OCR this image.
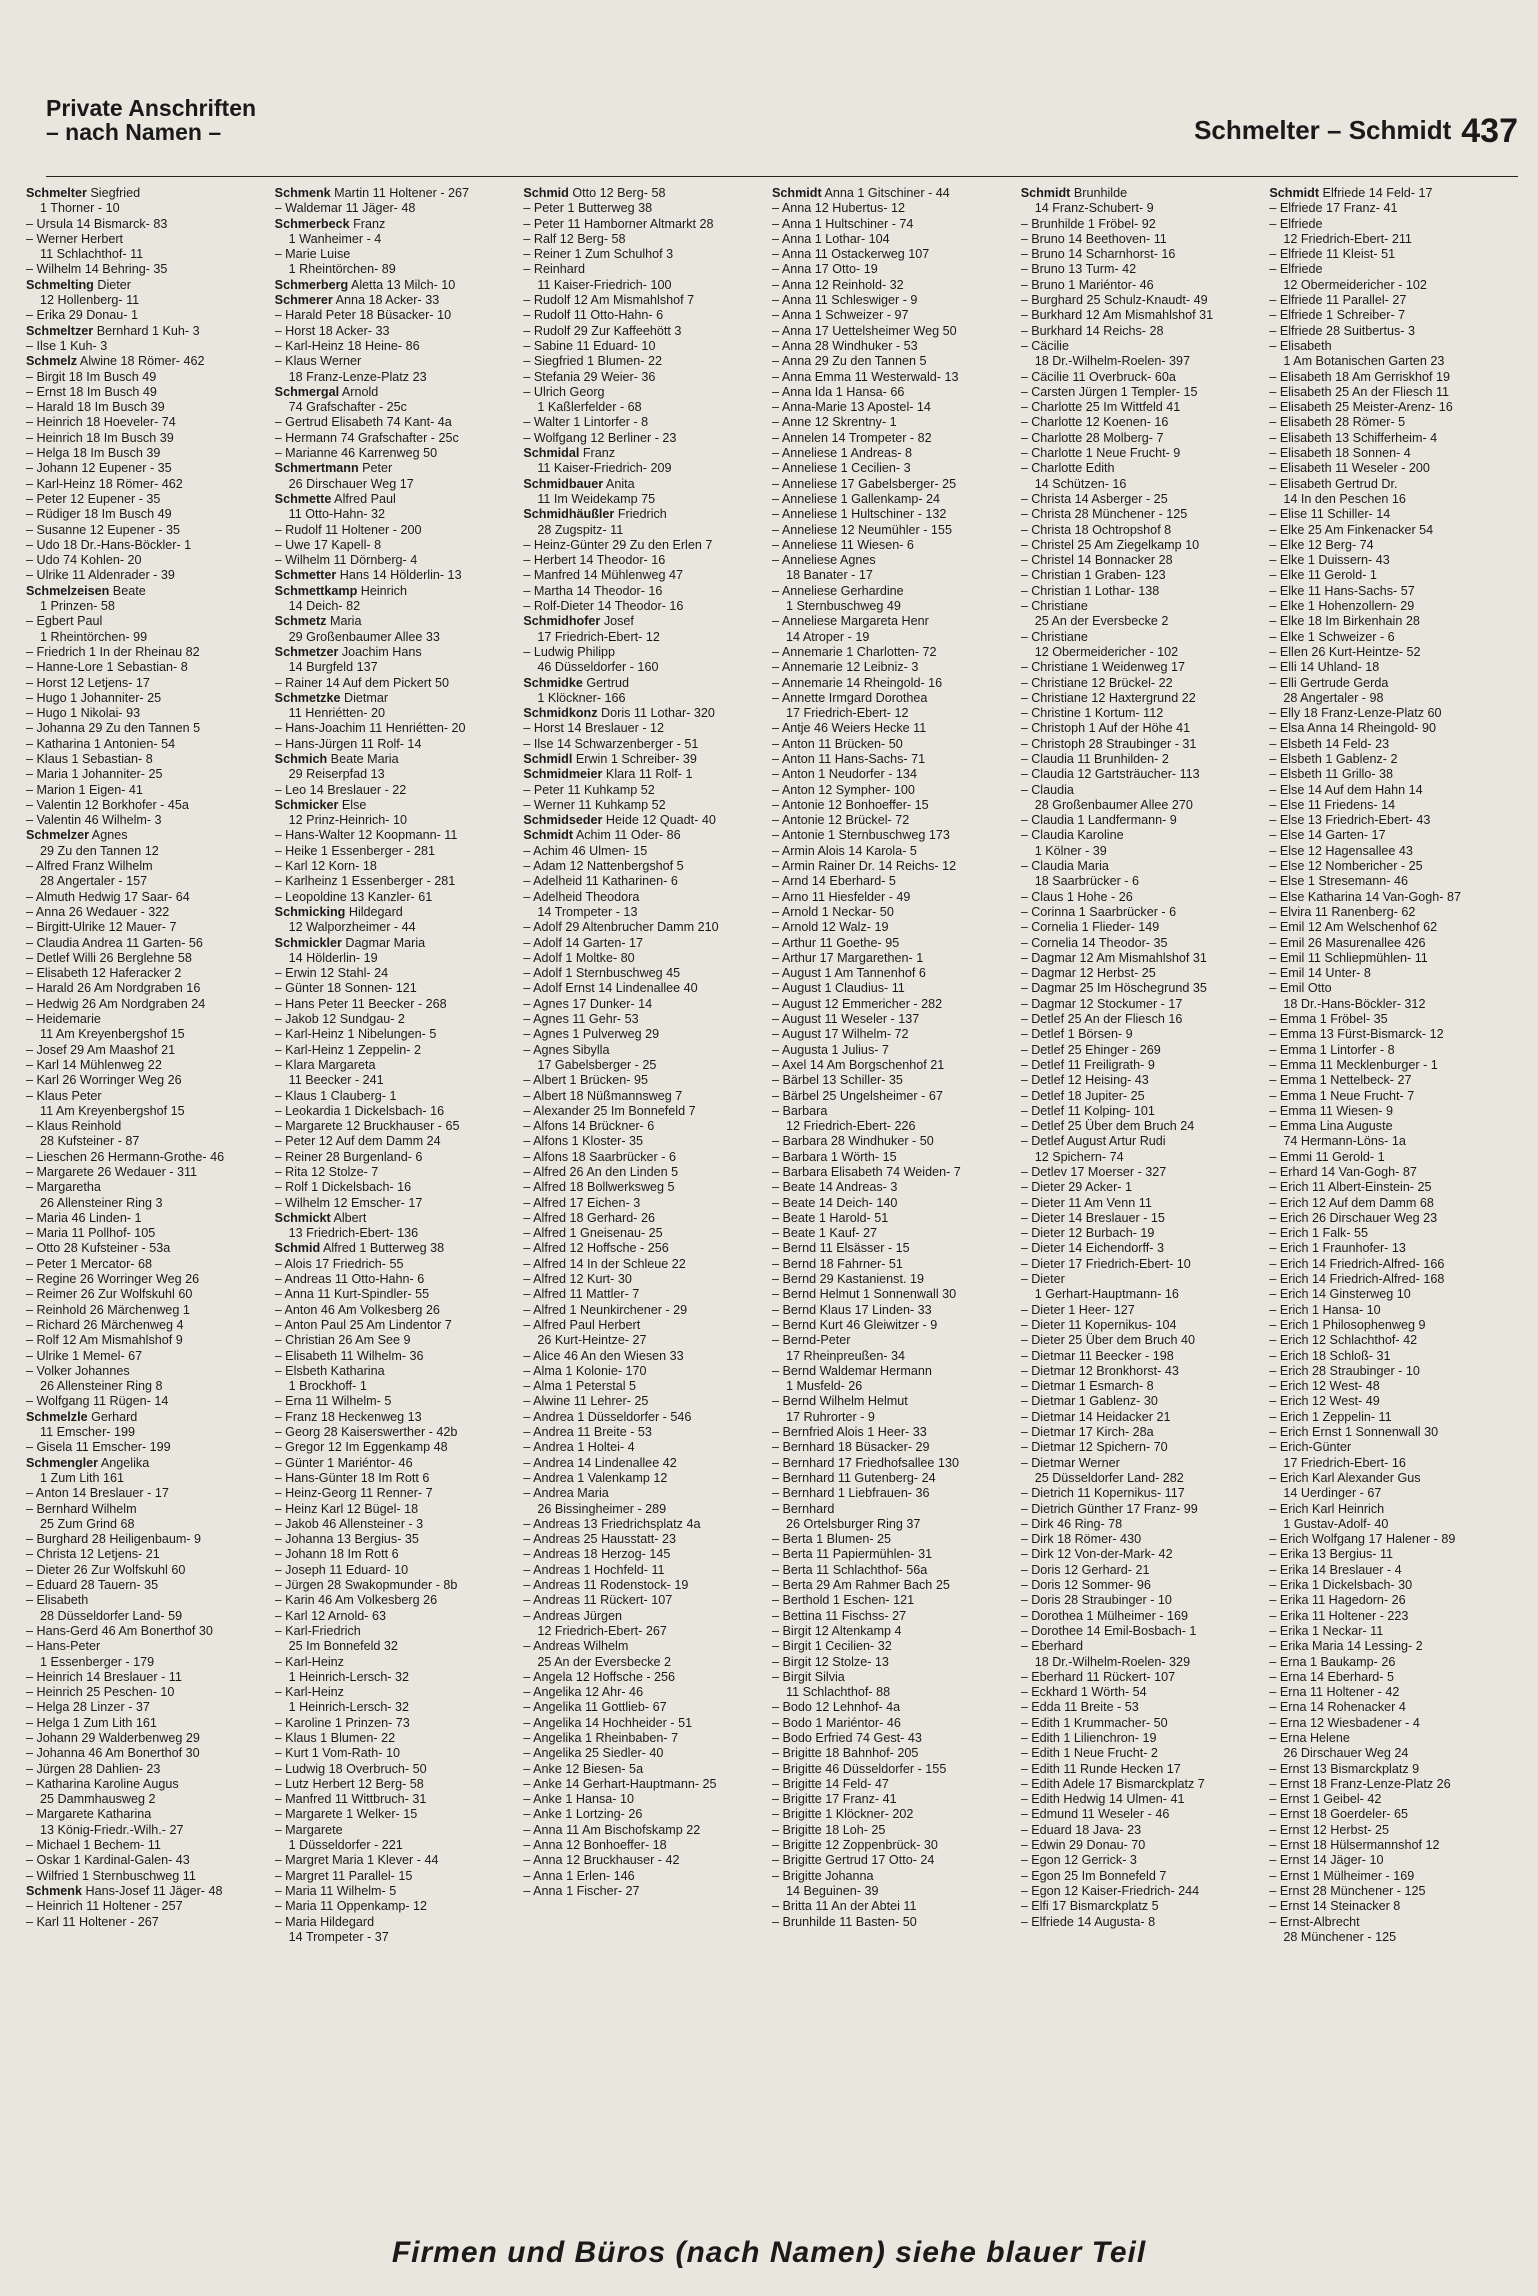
Private Anschriften
– nach Namen –	Schmelter – Schmidt 437
Schmelter Siegfried
1 Thorner - 10
– Ursula 14 Bismarck- 83
– Werner Herbert
11 Schlachthof- 11
– Wilhelm 14 Behring- 35
Schmelting Dieter
12 Hollenberg- 11
– Erika 29 Donau- 1
Schmeltzer Bernhard 1 Kuh- 3
– Ilse 1 Kuh- 3
Schmelz Alwine 18 Römer- 462
– Birgit 18 Im Busch 49
– Ernst 18 Im Busch 49
– Harald 18 Im Busch 39
– Heinrich 18 Hoeveler- 74
– Heinrich 18 Im Busch 39
– Helga 18 Im Busch 39
– Johann 12 Eupener - 35
– Karl-Heinz 18 Römer- 462
– Peter 12 Eupener - 35
– Rüdiger 18 Im Busch 49
– Susanne 12 Eupener - 35
– Udo 18 Dr.-Hans-Böckler- 1
– Udo 74 Kohlen- 20
– Ulrike 11 Aldenrader - 39
Schmelzeisen Beate
1 Prinzen- 58
– Egbert Paul
1 Rheintörchen- 99
– Friedrich 1 In der Rheinau 82
– Hanne-Lore 1 Sebastian- 8
– Horst 12 Letjens- 17
– Hugo 1 Johanniter- 25
– Hugo 1 Nikolai- 93
– Johanna 29 Zu den Tannen 5
– Katharina 1 Antonien- 54
– Klaus 1 Sebastian- 8
– Maria 1 Johanniter- 25
– Marion 1 Eigen- 41
– Valentin 12 Borkhofer - 45a
– Valentin 46 Wilhelm- 3
Schmelzer Agnes
29 Zu den Tannen 12
– Alfred Franz Wilhelm
28 Angertaler - 157
– Almuth Hedwig 17 Saar- 64
– Anna 26 Wedauer - 322
– Birgitt-Ulrike 12 Mauer- 7
– Claudia Andrea 11 Garten- 56
– Detlef Willi 26 Berglehne 58
– Elisabeth 12 Haferacker 2
– Harald 26 Am Nordgraben 16
– Hedwig 26 Am Nordgraben 24
– Heidemarie
11 Am Kreyenbergshof 15
– Josef 29 Am Maashof 21
– Karl 14 Mühlenweg 22
– Karl 26 Worringer Weg 26
– Klaus Peter
11 Am Kreyenbergshof 15
– Klaus Reinhold
28 Kufsteiner - 87
– Lieschen 26 Hermann-Grothe- 46
– Margarete 26 Wedauer - 311
– Margaretha
26 Allensteiner Ring 3
– Maria 46 Linden- 1
– Maria 11 Pollhof- 105
– Otto 28 Kufsteiner - 53a
– Peter 1 Mercator- 68
– Regine 26 Worringer Weg 26
– Reimer 26 Zur Wolfskuhl 60
– Reinhold 26 Märchenweg 1
– Richard 26 Märchenweg 4
– Rolf 12 Am Mismahlshof 9
– Ulrike 1 Memel- 67
– Volker Johannes
26 Allensteiner Ring 8
– Wolfgang 11 Rügen- 14
Schmelzle Gerhard
11 Emscher- 199
– Gisela 11 Emscher- 199
Schmengler Angelika
1 Zum Lith 161
– Anton 14 Breslauer - 17
– Bernhard Wilhelm
25 Zum Grind 68
– Burghard 28 Heiligenbaum- 9
– Christa 12 Letjens- 21
– Dieter 26 Zur Wolfskuhl 60
– Eduard 28 Tauern- 35
– Elisabeth
28 Düsseldorfer Land- 59
– Hans-Gerd 46 Am Bonerthof 30
– Hans-Peter
1 Essenberger - 179
– Heinrich 14 Breslauer - 11
– Heinrich 25 Peschen- 10
– Helga 28 Linzer - 37
– Helga 1 Zum Lith 161
– Johann 29 Walderbenweg 29
– Johanna 46 Am Bonerthof 30
– Jürgen 28 Dahlien- 23
– Katharina Karoline Augus
25 Dammhausweg 2
– Margarete Katharina
13 König-Friedr.-Wilh.- 27
– Michael 1 Bechem- 11
– Oskar 1 Kardinal-Galen- 43
– Wilfried 1 Sternbuschweg 11
Schmenk Hans-Josef 11 Jäger- 48
– Heinrich 11 Holtener - 257
– Karl 11 Holtener - 267
Schmenk Martin 11 Holtener - 267
– Waldemar 11 Jäger- 48
Schmerbeck Franz
1 Wanheimer - 4
– Marie Luise
1 Rheintörchen- 89
Schmerberg Aletta 13 Milch- 10
Schmerer Anna 18 Acker- 33
– Harald Peter 18 Büsacker- 10
– Horst 18 Acker- 33
– Karl-Heinz 18 Heine- 86
– Klaus Werner
18 Franz-Lenze-Platz 23
Schmergal Arnold
74 Grafschafter - 25c
– Gertrud Elisabeth 74 Kant- 4a
– Hermann 74 Grafschafter - 25c
– Marianne 46 Karrenweg 50
Schmertmann Peter
26 Dirschauer Weg 17
Schmette Alfred Paul
11 Otto-Hahn- 32
– Rudolf 11 Holtener - 200
– Uwe 17 Kapell- 8
– Wilhelm 11 Dörnberg- 4
Schmetter Hans 14 Hölderlin- 13
Schmettkamp Heinrich
14 Deich- 82
Schmetz Maria
29 Großenbaumer Allee 33
Schmetzer Joachim Hans
14 Burgfeld 137
– Rainer 14 Auf dem Pickert 50
Schmetzke Dietmar
11 Henriétten- 20
– Hans-Joachim 11 Henriétten- 20
– Hans-Jürgen 11 Rolf- 14
Schmich Beate Maria
29 Reiserpfad 13
– Leo 14 Breslauer - 22
Schmicker Else
12 Prinz-Heinrich- 10
– Hans-Walter 12 Koopmann- 11
– Heike 1 Essenberger - 281
– Karl 12 Korn- 18
– Karlheinz 1 Essenberger - 281
– Leopoldine 13 Kanzler- 61
Schmicking Hildegard
12 Walporzheimer - 44
Schmickler Dagmar Maria
14 Hölderlin- 19
– Erwin 12 Stahl- 24
– Günter 18 Sonnen- 121
– Hans Peter 11 Beecker - 268
– Jakob 12 Sundgau- 2
– Karl-Heinz 1 Nibelungen- 5
– Karl-Heinz 1 Zeppelin- 2
– Klara Margareta
11 Beecker - 241
– Klaus 1 Clauberg- 1
– Leokardia 1 Dickelsbach- 16
– Margarete 12 Bruckhauser - 65
– Peter 12 Auf dem Damm 24
– Reiner 28 Burgenland- 6
– Rita 12 Stolze- 7
– Rolf 1 Dickelsbach- 16
– Wilhelm 12 Emscher- 17
Schmickt Albert
13 Friedrich-Ebert- 136
Schmid Alfred 1 Butterweg 38
– Alois 17 Friedrich- 55
– Andreas 11 Otto-Hahn- 6
– Anna 11 Kurt-Spindler- 55
– Anton 46 Am Volkesberg 26
– Anton Paul 25 Am Lindentor 7
– Christian 26 Am See 9
– Elisabeth 11 Wilhelm- 36
– Elsbeth Katharina
1 Brockhoff- 1
– Erna 11 Wilhelm- 5
– Franz 18 Heckenweg 13
– Georg 28 Kaiserswerther - 42b
– Gregor 12 Im Eggenkamp 48
– Günter 1 Mariéntor- 46
– Hans-Günter 18 Im Rott 6
– Heinz-Georg 11 Renner- 7
– Heinz Karl 12 Bügel- 18
– Jakob 46 Allensteiner - 3
– Johanna 13 Bergius- 35
– Johann 18 Im Rott 6
– Joseph 11 Eduard- 10
– Jürgen 28 Swakopmunder - 8b
– Karin 46 Am Volkesberg 26
– Karl 12 Arnold- 63
– Karl-Friedrich
25 Im Bonnefeld 32
– Karl-Heinz
1 Heinrich-Lersch- 32
– Karl-Heinz
1 Heinrich-Lersch- 32
– Karoline 1 Prinzen- 73
– Klaus 1 Blumen- 22
– Kurt 1 Vom-Rath- 10
– Ludwig 18 Overbruch- 50
– Lutz Herbert 12 Berg- 58
– Manfred 11 Wittbruch- 31
– Margarete 1 Welker- 15
– Margarete
1 Düsseldorfer - 221
– Margret Maria 1 Klever - 44
– Margret 11 Parallel- 15
– Maria 11 Wilhelm- 5
– Maria 11 Oppenkamp- 12
– Maria Hildegard
14 Trompeter - 37
Schmid Otto 12 Berg- 58
– Peter 1 Butterweg 38
– Peter 11 Hamborner Altmarkt 28
– Ralf 12 Berg- 58
– Reiner 1 Zum Schulhof 3
– Reinhard
11 Kaiser-Friedrich- 100
– Rudolf 12 Am Mismahlshof 7
– Rudolf 11 Otto-Hahn- 6
– Rudolf 29 Zur Kaffeehött 3
– Sabine 11 Eduard- 10
– Siegfried 1 Blumen- 22
– Stefania 29 Weier- 36
– Ulrich Georg
1 Kaßlerfelder - 68
– Walter 1 Lintorfer - 8
– Wolfgang 12 Berliner - 23
Schmidal Franz
11 Kaiser-Friedrich- 209
Schmidbauer Anita
11 Im Weidekamp 75
Schmidhäußler Friedrich
28 Zugspitz- 11
– Heinz-Günter 29 Zu den Erlen 7
– Herbert 14 Theodor- 16
– Manfred 14 Mühlenweg 47
– Martha 14 Theodor- 16
– Rolf-Dieter 14 Theodor- 16
Schmidhofer Josef
17 Friedrich-Ebert- 12
– Ludwig Philipp
46 Düsseldorfer - 160
Schmidke Gertrud
1 Klöckner- 166
Schmidkonz Doris 11 Lothar- 320
– Horst 14 Breslauer - 12
– Ilse 14 Schwarzenberger - 51
Schmidl Erwin 1 Schreiber- 39
Schmidmeier Klara 11 Rolf- 1
– Peter 11 Kuhkamp 52
– Werner 11 Kuhkamp 52
Schmidseder Heide 12 Quadt- 40
Schmidt Achim 11 Oder- 86
– Achim 46 Ulmen- 15
– Adam 12 Nattenbergshof 5
– Adelheid 11 Katharinen- 6
– Adelheid Theodora
14 Trompeter - 13
– Adolf 29 Altenbrucher Damm 210
– Adolf 14 Garten- 17
– Adolf 1 Moltke- 80
– Adolf 1 Sternbuschweg 45
– Adolf Ernst 14 Lindenallee 40
– Agnes 17 Dunker- 14
– Agnes 11 Gehr- 53
– Agnes 1 Pulverweg 29
– Agnes Sibylla
17 Gabelsberger - 25
– Albert 1 Brücken- 95
– Albert 18 Nüßmannsweg 7
– Alexander 25 Im Bonnefeld 7
– Alfons 14 Brückner- 6
– Alfons 1 Kloster- 35
– Alfons 18 Saarbrücker - 6
– Alfred 26 An den Linden 5
– Alfred 18 Bollwerksweg 5
– Alfred 17 Eichen- 3
– Alfred 18 Gerhard- 26
– Alfred 1 Gneisenau- 25
– Alfred 12 Hoffsche - 256
– Alfred 14 In der Schleue 22
– Alfred 12 Kurt- 30
– Alfred 11 Mattler- 7
– Alfred 1 Neunkirchener - 29
– Alfred Paul Herbert
26 Kurt-Heintze- 27
– Alice 46 An den Wiesen 33
– Alma 1 Kolonie- 170
– Alma 1 Peterstal 5
– Alwine 11 Lehrer- 25
– Andrea 1 Düsseldorfer - 546
– Andrea 11 Breite - 53
– Andrea 1 Holtei- 4
– Andrea 14 Lindenallee 42
– Andrea 1 Valenkamp 12
– Andrea Maria
26 Bissingheimer - 289
– Andreas 13 Friedrichsplatz 4a
– Andreas 25 Hausstatt- 23
– Andreas 18 Herzog- 145
– Andreas 1 Hochfeld- 11
– Andreas 11 Rodenstock- 19
– Andreas 11 Rückert- 107
– Andreas Jürgen
12 Friedrich-Ebert- 267
– Andreas Wilhelm
25 An der Eversbecke 2
– Angela 12 Hoffsche - 256
– Angelika 12 Ahr- 46
– Angelika 11 Gottlieb- 67
– Angelika 14 Hochheider - 51
– Angelika 1 Rheinbaben- 7
– Angelika 25 Siedler- 40
– Anke 12 Biesen- 5a
– Anke 14 Gerhart-Hauptmann- 25
– Anke 1 Hansa- 10
– Anke 1 Lortzing- 26
– Anna 11 Am Bischofskamp 22
– Anna 12 Bonhoeffer- 18
– Anna 12 Bruckhauser - 42
– Anna 1 Erlen- 146
– Anna 1 Fischer- 27
Schmidt Anna 1 Gitschiner - 44
– Anna 12 Hubertus- 12
– Anna 1 Hultschiner - 74
– Anna 1 Lothar- 104
– Anna 11 Ostackerweg 107
– Anna 17 Otto- 19
– Anna 12 Reinhold- 32
– Anna 11 Schleswiger - 9
– Anna 1 Schweizer - 97
– Anna 17 Uettelsheimer Weg 50
– Anna 28 Windhuker - 53
– Anna 29 Zu den Tannen 5
– Anna Emma 11 Westerwald- 13
– Anna Ida 1 Hansa- 66
– Anna-Marie 13 Apostel- 14
– Anne 12 Skrentny- 1
– Annelen 14 Trompeter - 82
– Anneliese 1 Andreas- 8
– Anneliese 1 Cecilien- 3
– Anneliese 17 Gabelsberger- 25
– Anneliese 1 Gallenkamp- 24
– Anneliese 1 Hultschiner - 132
– Anneliese 12 Neumühler - 155
– Anneliese 11 Wiesen- 6
– Anneliese Agnes
18 Banater - 17
– Anneliese Gerhardine
1 Sternbuschweg 49
– Anneliese Margareta Henr
14 Atroper - 19
– Annemarie 1 Charlotten- 72
– Annemarie 12 Leibniz- 3
– Annemarie 14 Rheingold- 16
– Annette Irmgard Dorothea
17 Friedrich-Ebert- 12
– Antje 46 Weiers Hecke 11
– Anton 11 Brücken- 50
– Anton 11 Hans-Sachs- 71
– Anton 1 Neudorfer - 134
– Anton 12 Sympher- 100
– Antonie 12 Bonhoeffer- 15
– Antonie 12 Brückel- 72
– Antonie 1 Sternbuschweg 173
– Armin Alois 14 Karola- 5
– Armin Rainer Dr. 14 Reichs- 12
– Arnd 14 Eberhard- 5
– Arno 11 Hiesfelder - 49
– Arnold 1 Neckar- 50
– Arnold 12 Walz- 19
– Arthur 11 Goethe- 95
– Arthur 17 Margarethen- 1
– August 1 Am Tannenhof 6
– August 1 Claudius- 11
– August 12 Emmericher - 282
– August 11 Weseler - 137
– August 17 Wilhelm- 72
– Augusta 1 Julius- 7
– Axel 14 Am Borgschenhof 21
– Bärbel 13 Schiller- 35
– Bärbel 25 Ungelsheimer - 67
– Barbara
12 Friedrich-Ebert- 226
– Barbara 28 Windhuker - 50
– Barbara 1 Wörth- 15
– Barbara Elisabeth 74 Weiden- 7
– Beate 14 Andreas- 3
– Beate 14 Deich- 140
– Beate 1 Harold- 51
– Beate 1 Kauf- 27
– Bernd 11 Elsässer - 15
– Bernd 18 Fahrner- 51
– Bernd 29 Kastanienst. 19
– Bernd Helmut 1 Sonnenwall 30
– Bernd Klaus 17 Linden- 33
– Bernd Kurt 46 Gleiwitzer - 9
– Bernd-Peter
17 Rheinpreußen- 34
– Bernd Waldemar Hermann
1 Musfeld- 26
– Bernd Wilhelm Helmut
17 Ruhrorter - 9
– Bernfried Alois 1 Heer- 33
– Bernhard 18 Büsacker- 29
– Bernhard 17 Friedhofsallee 130
– Bernhard 11 Gutenberg- 24
– Bernhard 1 Liebfrauen- 36
– Bernhard
26 Ortelsburger Ring 37
– Berta 1 Blumen- 25
– Berta 11 Papiermühlen- 31
– Berta 11 Schlachthof- 56a
– Berta 29 Am Rahmer Bach 25
– Berthold 1 Eschen- 121
– Bettina 11 Fischss- 27
– Birgit 12 Altenkamp 4
– Birgit 1 Cecilien- 32
– Birgit 12 Stolze- 13
– Birgit Silvia
11 Schlachthof- 88
– Bodo 12 Lehnhof- 4a
– Bodo 1 Mariéntor- 46
– Bodo Erfried 74 Gest- 43
– Brigitte 18 Bahnhof- 205
– Brigitte 46 Düsseldorfer - 155
– Brigitte 14 Feld- 47
– Brigitte 17 Franz- 41
– Brigitte 1 Klöckner- 202
– Brigitte 18 Loh- 25
– Brigitte 12 Zoppenbrück- 30
– Brigitte Gertrud 17 Otto- 24
– Brigitte Johanna
14 Beguinen- 39
– Britta 11 An der Abtei 11
– Brunhilde 11 Basten- 50
Schmidt Brunhilde
14 Franz-Schubert- 9
– Brunhilde 1 Fröbel- 92
– Bruno 14 Beethoven- 11
– Bruno 14 Scharnhorst- 16
– Bruno 13 Turm- 42
– Bruno 1 Mariéntor- 46
– Burghard 25 Schulz-Knaudt- 49
– Burkhard 12 Am Mismahlshof 31
– Burkhard 14 Reichs- 28
– Cäcilie
18 Dr.-Wilhelm-Roelen- 397
– Cäcilie 11 Overbruck- 60a
– Carsten Jürgen 1 Templer- 15
– Charlotte 25 Im Wittfeld 41
– Charlotte 12 Koenen- 16
– Charlotte 28 Molberg- 7
– Charlotte 1 Neue Frucht- 9
– Charlotte Edith
14 Schützen- 16
– Christa 14 Asberger - 25
– Christa 28 Münchener - 125
– Christa 18 Ochtropshof 8
– Christel 25 Am Ziegelkamp 10
– Christel 14 Bonnacker 28
– Christian 1 Graben- 123
– Christian 1 Lothar- 138
– Christiane
25 An der Eversbecke 2
– Christiane
12 Obermeidericher - 102
– Christiane 1 Weidenweg 17
– Christiane 12 Brückel- 22
– Christiane 12 Haxtergrund 22
– Christine 1 Kortum- 112
– Christoph 1 Auf der Höhe 41
– Christoph 28 Straubinger - 31
– Claudia 11 Brunhilden- 2
– Claudia 12 Gartsträucher- 113
– Claudia
28 Großenbaumer Allee 270
– Claudia 1 Landfermann- 9
– Claudia Karoline
1 Kölner - 39
– Claudia Maria
18 Saarbrücker - 6
– Claus 1 Hohe - 26
– Corinna 1 Saarbrücker - 6
– Cornelia 1 Flieder- 149
– Cornelia 14 Theodor- 35
– Dagmar 12 Am Mismahlshof 31
– Dagmar 12 Herbst- 25
– Dagmar 25 Im Höschegrund 35
– Dagmar 12 Stockumer - 17
– Detlef 25 An der Fliesch 16
– Detlef 1 Börsen- 9
– Detlef 25 Ehinger - 269
– Detlef 11 Freiligrath- 9
– Detlef 12 Heising- 43
– Detlef 18 Jupiter- 25
– Detlef 11 Kolping- 101
– Detlef 25 Über dem Bruch 24
– Detlef August Artur Rudi
12 Spichern- 74
– Detlev 17 Moerser - 327
– Dieter 29 Acker- 1
– Dieter 11 Am Venn 11
– Dieter 14 Breslauer - 15
– Dieter 12 Burbach- 19
– Dieter 14 Eichendorff- 3
– Dieter 17 Friedrich-Ebert- 10
– Dieter
1 Gerhart-Hauptmann- 16
– Dieter 1 Heer- 127
– Dieter 11 Kopernikus- 104
– Dieter 25 Über dem Bruch 40
– Dietmar 11 Beecker - 198
– Dietmar 12 Bronkhorst- 43
– Dietmar 1 Esmarch- 8
– Dietmar 1 Gablenz- 30
– Dietmar 14 Heidacker 21
– Dietmar 17 Kirch- 28a
– Dietmar 12 Spichern- 70
– Dietmar Werner
25 Düsseldorfer Land- 282
– Dietrich 11 Kopernikus- 117
– Dietrich Günther 17 Franz- 99
– Dirk 46 Ring- 78
– Dirk 18 Römer- 430
– Dirk 12 Von-der-Mark- 42
– Doris 12 Gerhard- 21
– Doris 12 Sommer- 96
– Doris 28 Straubinger - 10
– Dorothea 1 Mülheimer - 169
– Dorothee 14 Emil-Bosbach- 1
– Eberhard
18 Dr.-Wilhelm-Roelen- 329
– Eberhard 11 Rückert- 107
– Eckhard 1 Wörth- 54
– Edda 11 Breite - 53
– Edith 1 Krummacher- 50
– Edith 1 Lilienchron- 19
– Edith 1 Neue Frucht- 2
– Edith 11 Runde Hecken 17
– Edith Adele 17 Bismarckplatz 7
– Edith Hedwig 14 Ulmen- 41
– Edmund 11 Weseler - 46
– Eduard 18 Java- 23
– Edwin 29 Donau- 70
– Egon 12 Gerrick- 3
– Egon 25 Im Bonnefeld 7
– Egon 12 Kaiser-Friedrich- 244
– Elfi 17 Bismarckplatz 5
– Elfriede 14 Augusta- 8
Schmidt Elfriede 14 Feld- 17
– Elfriede 17 Franz- 41
– Elfriede
12 Friedrich-Ebert- 211
– Elfriede 11 Kleist- 51
– Elfriede
12 Obermeidericher - 102
– Elfriede 11 Parallel- 27
– Elfriede 1 Schreiber- 7
– Elfriede 28 Suitbertus- 3
– Elisabeth
1 Am Botanischen Garten 23
– Elisabeth 18 Am Gerriskhof 19
– Elisabeth 25 An der Fliesch 11
– Elisabeth 25 Meister-Arenz- 16
– Elisabeth 28 Römer- 5
– Elisabeth 13 Schifferheim- 4
– Elisabeth 18 Sonnen- 4
– Elisabeth 11 Weseler - 200
– Elisabeth Gertrud Dr.
14 In den Peschen 16
– Elise 11 Schiller- 14
– Elke 25 Am Finkenacker 54
– Elke 12 Berg- 74
– Elke 1 Duissern- 43
– Elke 11 Gerold- 1
– Elke 11 Hans-Sachs- 57
– Elke 1 Hohenzollern- 29
– Elke 18 Im Birkenhain 28
– Elke 1 Schweizer - 6
– Ellen 26 Kurt-Heintze- 52
– Elli 14 Uhland- 18
– Elli Gertrude Gerda
28 Angertaler - 98
– Elly 18 Franz-Lenze-Platz 60
– Elsa Anna 14 Rheingold- 90
– Elsbeth 14 Feld- 23
– Elsbeth 1 Gablenz- 2
– Elsbeth 11 Grillo- 38
– Else 14 Auf dem Hahn 14
– Else 11 Friedens- 14
– Else 13 Friedrich-Ebert- 43
– Else 14 Garten- 17
– Else 12 Hagensallee 43
– Else 12 Nombericher - 25
– Else 1 Stresemann- 46
– Else Katharina 14 Van-Gogh- 87
– Elvira 11 Ranenberg- 62
– Emil 12 Am Welschenhof 62
– Emil 26 Masurenallee 426
– Emil 11 Schliepmühlen- 11
– Emil 14 Unter- 8
– Emil Otto
18 Dr.-Hans-Böckler- 312
– Emma 1 Fröbel- 35
– Emma 13 Fürst-Bismarck- 12
– Emma 1 Lintorfer - 8
– Emma 11 Mecklenburger - 1
– Emma 1 Nettelbeck- 27
– Emma 1 Neue Frucht- 7
– Emma 11 Wiesen- 9
– Emma Lina Auguste
74 Hermann-Löns- 1a
– Emmi 11 Gerold- 1
– Erhard 14 Van-Gogh- 87
– Erich 11 Albert-Einstein- 25
– Erich 12 Auf dem Damm 68
– Erich 26 Dirschauer Weg 23
– Erich 1 Falk- 55
– Erich 1 Fraunhofer- 13
– Erich 14 Friedrich-Alfred- 166
– Erich 14 Friedrich-Alfred- 168
– Erich 14 Ginsterweg 10
– Erich 1 Hansa- 10
– Erich 1 Philosophenweg 9
– Erich 12 Schlachthof- 42
– Erich 18 Schloß- 31
– Erich 28 Straubinger - 10
– Erich 12 West- 48
– Erich 12 West- 49
– Erich 1 Zeppelin- 11
– Erich Ernst 1 Sonnenwall 30
– Erich-Günter
17 Friedrich-Ebert- 16
– Erich Karl Alexander Gus
14 Uerdinger - 67
– Erich Karl Heinrich
1 Gustav-Adolf- 40
– Erich Wolfgang 17 Halener - 89
– Erika 13 Bergius- 11
– Erika 14 Breslauer - 4
– Erika 1 Dickelsbach- 30
– Erika 11 Hagedorn- 26
– Erika 11 Holtener - 223
– Erika 1 Neckar- 11
– Erika Maria 14 Lessing- 2
– Erna 1 Baukamp- 26
– Erna 14 Eberhard- 5
– Erna 11 Holtener - 42
– Erna 14 Rohenacker 4
– Erna 12 Wiesbadener - 4
– Erna Helene
26 Dirschauer Weg 24
– Ernst 13 Bismarckplatz 9
– Ernst 18 Franz-Lenze-Platz 26
– Ernst 1 Geibel- 42
– Ernst 18 Goerdeler- 65
– Ernst 12 Herbst- 25
– Ernst 18 Hülsermannshof 12
– Ernst 14 Jäger- 10
– Ernst 1 Mülheimer - 169
– Ernst 28 Münchener - 125
– Ernst 14 Steinacker 8
– Ernst-Albrecht
28 Münchener - 125
Firmen und Büros (nach Namen) siehe blauer Teil
